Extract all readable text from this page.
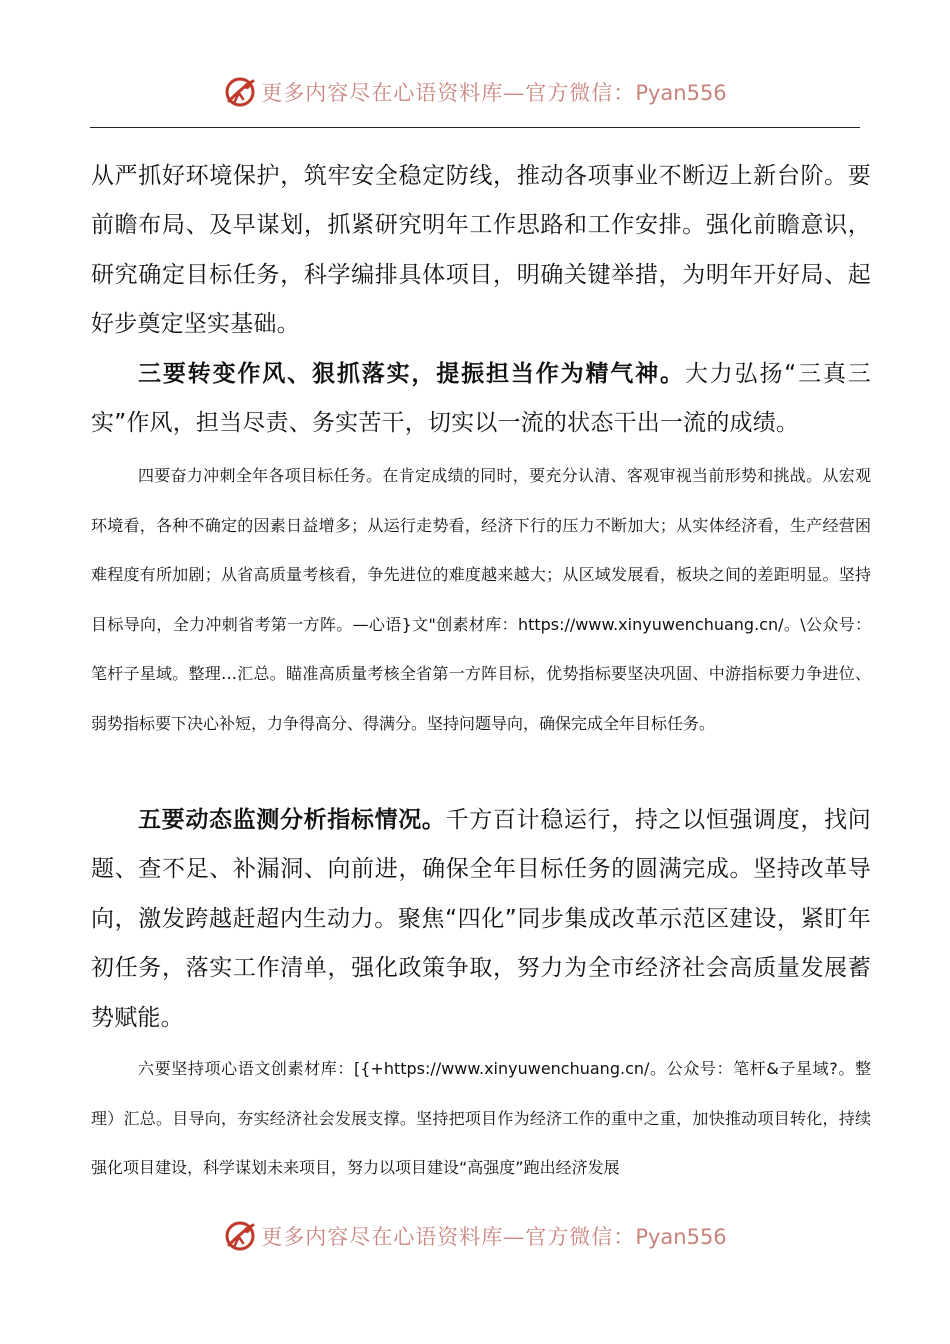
更多内容尽在心语资料库—官方微信：Pyan556

从严抓好环境保护，筑牢安全稳定防线，推动各项事业不断迈上新台阶。要前瞻布局、及早谋划，抓紧研究明年工作思路和工作安排。强化前瞻意识，研究确定目标任务，科学编排具体项目，明确关键举措，为明年开好局、起好步奠定坚实基础。

三要转变作风、狠抓落实，提振担当作为精气神。大力弘扬“三真三实”作风，担当尽责、务实苦干，切实以一流的状态干出一流的成绩。

四要奋力冲刺全年各项目标任务。在肯定成绩的同时，要充分认清、客观审视当前形势和挑战。从宏观环境看，各种不确定的因素日益增多；从运行走势看，经济下行的压力不断加大；从实体经济看，生产经营困难程度有所加剧；从省高质量考核看，争先进位的难度越来越大；从区域发展看，板块之间的差距明显。坚持目标导向，全力冲刺省考第一方阵。—心语}文"创素材库：https://www.xinyuwenchuang.cn/。\公众号：笔杆子星域。整理…汇总。瞄准高质量考核全省第一方阵目标，优势指标要坚决巩固、中游指标要力争进位、弱势指标要下决心补短，力争得高分、得满分。坚持问题导向，确保完成全年目标任务。

五要动态监测分析指标情况。千方百计稳运行，持之以恒强调度，找问题、查不足、补漏洞、向前进，确保全年目标任务的圆满完成。坚持改革导向，激发跨越赶超内生动力。聚焦“四化”同步集成改革示范区建设，紧盯年初任务，落实工作清单，强化政策争取，努力为全市经济社会高质量发展蓄势赋能。

六要坚持项心语文创素材库：[{+https://www.xinyuwenchuang.cn/。公众号：笔杆&子星域?。整理）汇总。目导向，夯实经济社会发展支撑。坚持把项目作为经济工作的重中之重，加快推动项目转化，持续强化项目建设，科学谋划未来项目，努力以项目建设“高强度”跑出经济发展

更多内容尽在心语资料库—官方微信：Pyan556
